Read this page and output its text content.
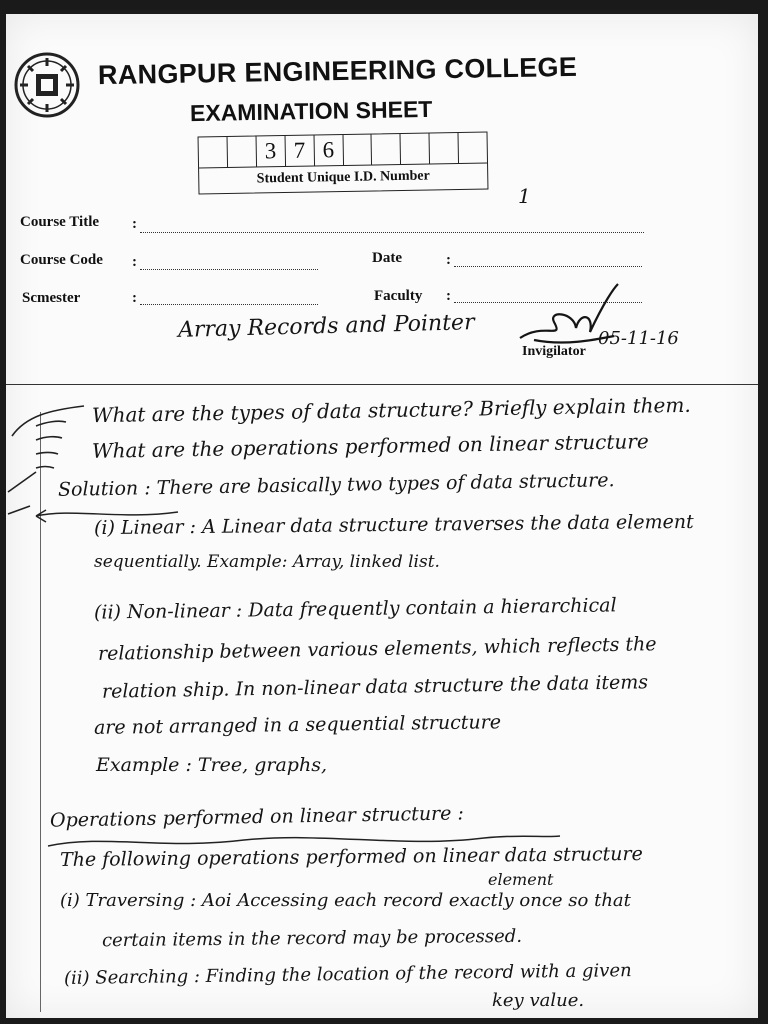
RANGPUR ENGINEERING COLLEGE
EXAMINATION SHEET
3 7 6
Student Unique I.D. Number
1
Course Title :
Course Code :	Date	:
Scmester	:	Faculty :
Array Records and Pointer	05-11-16
Invigilator
What are the types of data structure? Briefly explain them.
What are the operations performed on linear structure
Solution : There are basically two types of data structure.
(i) Linear : A Linear data structure traverses the data element
sequentially. Example: Array, linked list.
(ii) Non-linear : Data frequently contain a hierarchical
relationship between various elements, which reflects the
relation ship. In non-linear data structure the data items
are not arranged in a sequential structure
Example : Tree, graphs,
Operations performed on linear structure :
The following operations performed on linear data structure
element
(i) Traversing : Aoi Accessing each record exactly once so that
certain items in the record may be processed.
(ii) Searching : Finding the location of the record with a given
key value.
